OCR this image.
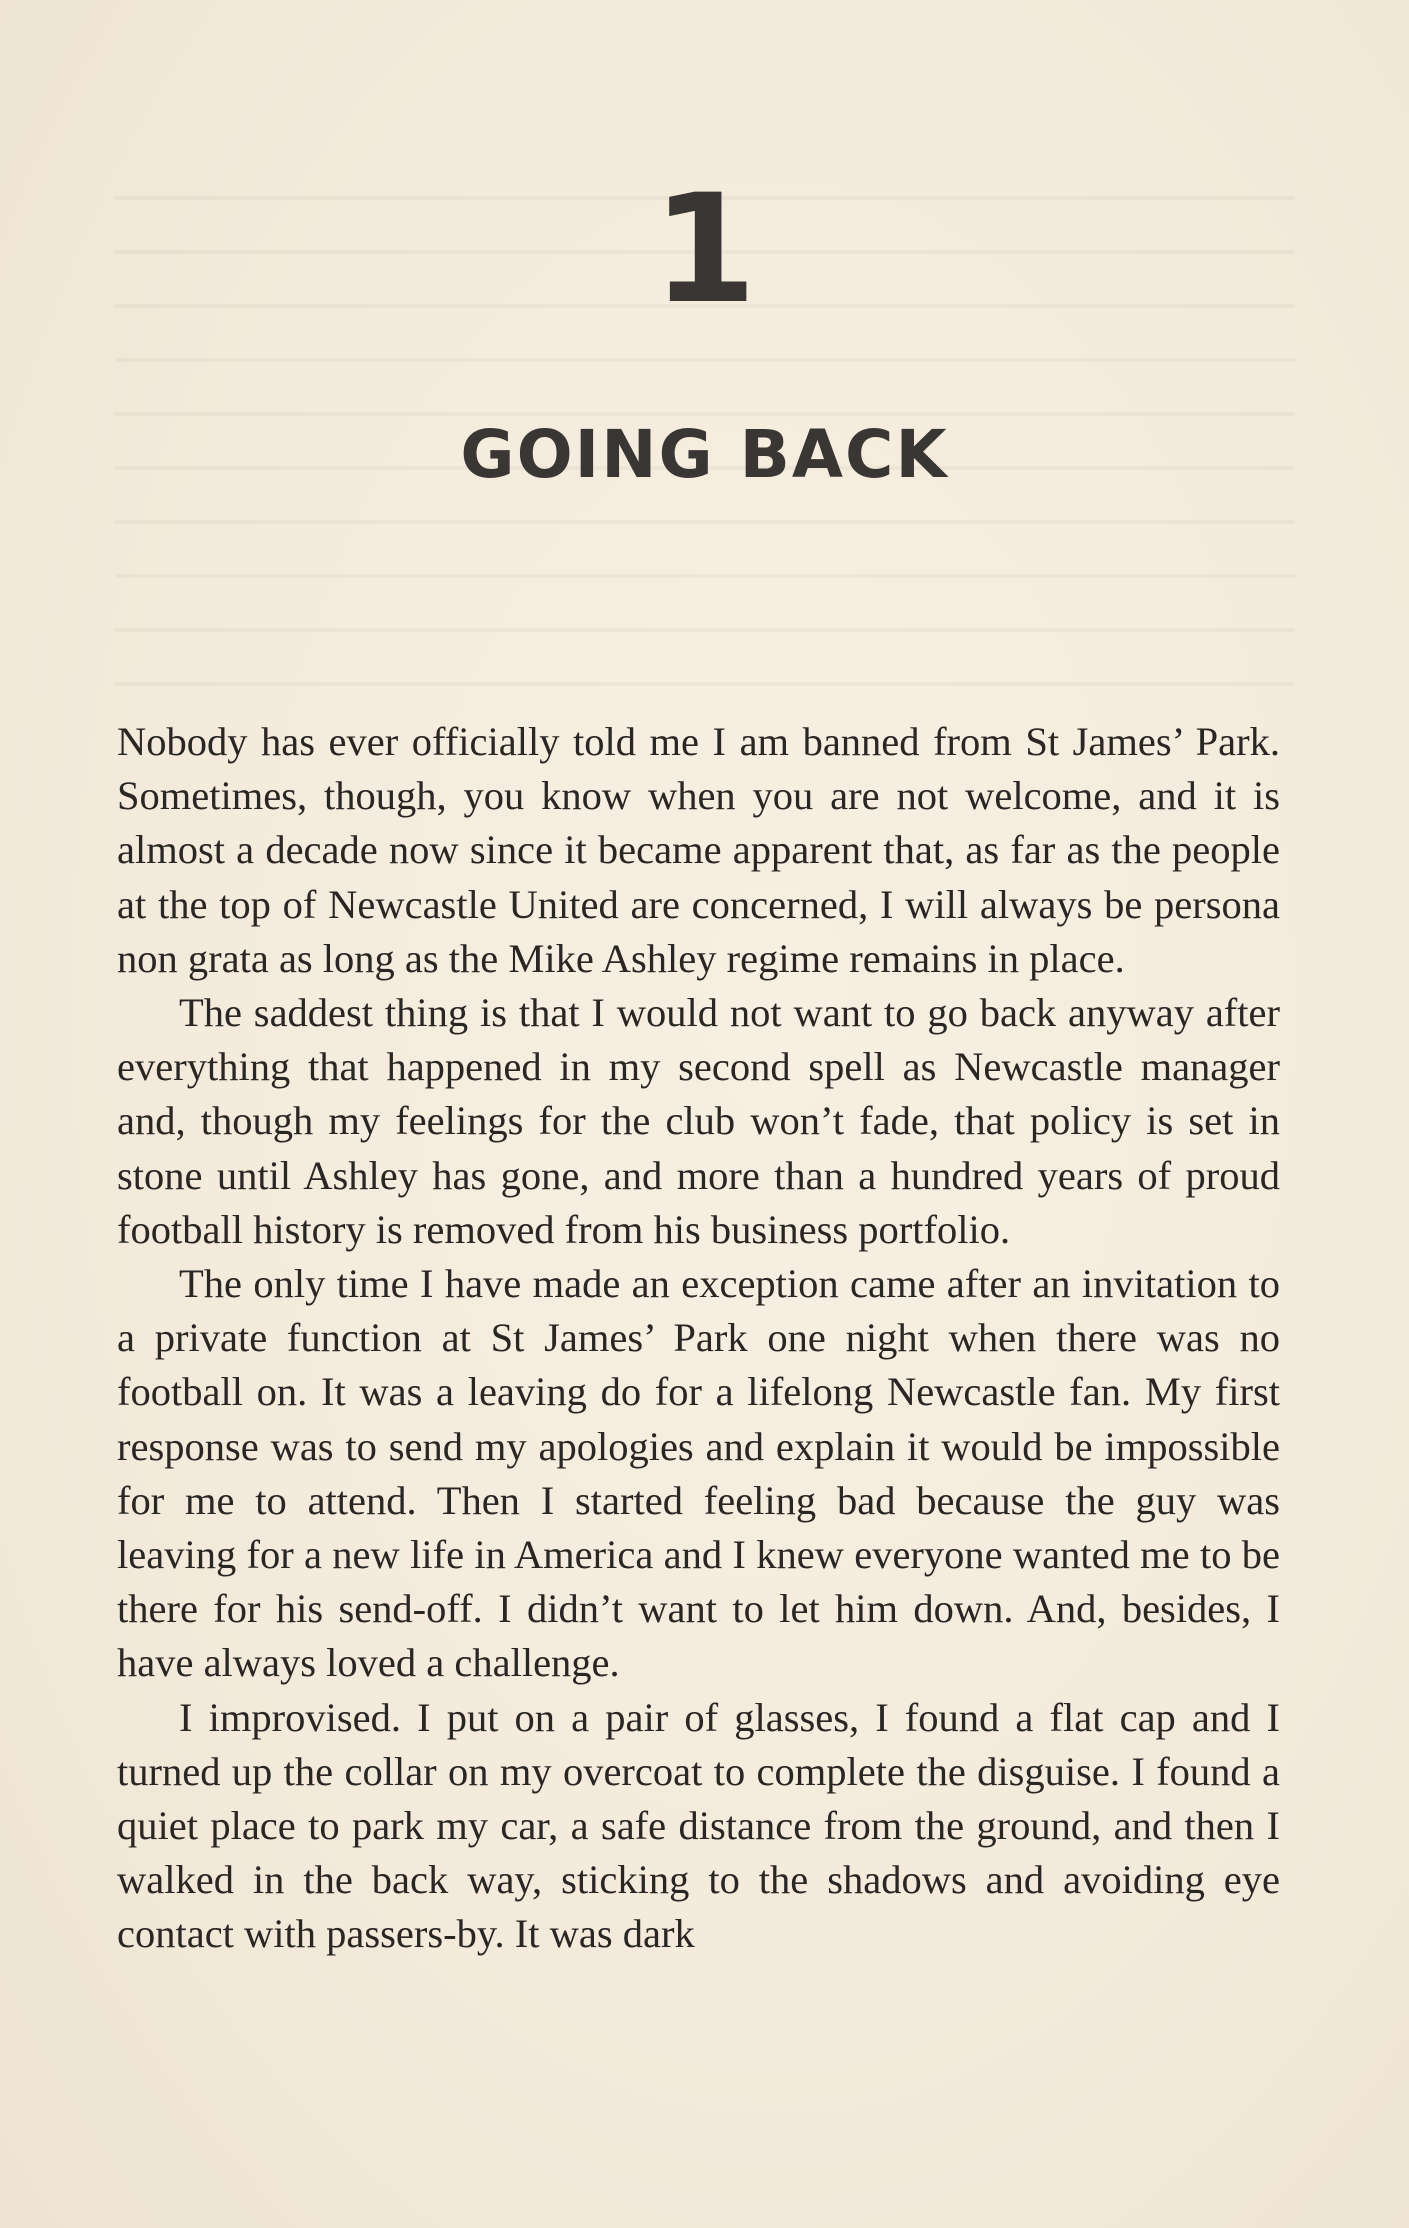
1
GOING BACK

Nobody has ever officially told me I am banned from St James’ Park. Sometimes, though, you know when you are not welcome, and it is almost a decade now since it became apparent that, as far as the people at the top of Newcastle United are concerned, I will always be persona non grata as long as the Mike Ashley regime remains in place.

The saddest thing is that I would not want to go back anyway after everything that happened in my second spell as Newcastle manager and, though my feelings for the club won’t fade, that policy is set in stone until Ashley has gone, and more than a hundred years of proud football history is removed from his business portfolio.

The only time I have made an exception came after an invitation to a private function at St James’ Park one night when there was no football on. It was a leaving do for a lifelong Newcastle fan. My first response was to send my apologies and explain it would be impossible for me to attend. Then I started feeling bad because the guy was leaving for a new life in America and I knew everyone wanted me to be there for his send-off. I didn’t want to let him down. And, besides, I have always loved a challenge.

I improvised. I put on a pair of glasses, I found a flat cap and I turned up the collar on my overcoat to complete the disguise. I found a quiet place to park my car, a safe distance from the ground, and then I walked in the back way, sticking to the shadows and avoiding eye contact with passers-by. It was dark
